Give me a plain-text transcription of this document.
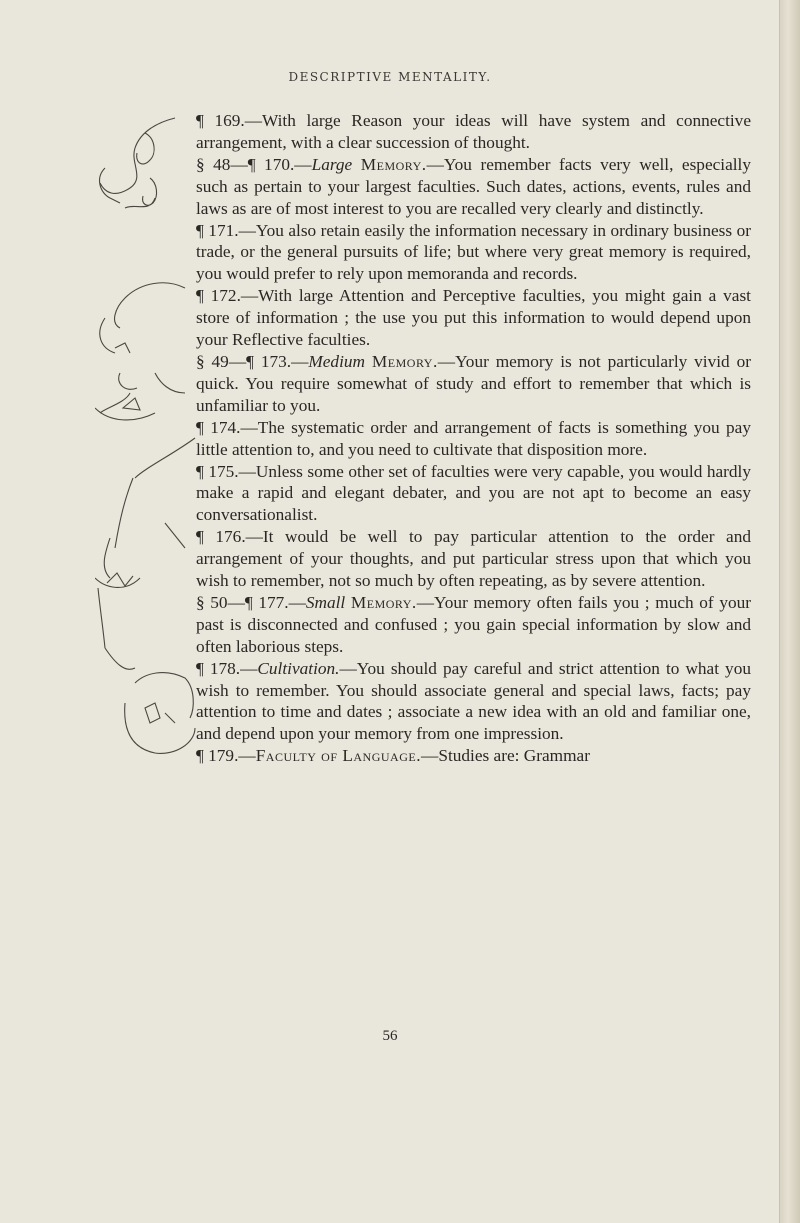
DESCRIPTIVE MENTALITY.

¶ 169.—With large Reason your ideas will have system and connective arrangement, with a clear succession of thought.

§ 48—¶ 170.—Large Memory.—You remember facts very well, especially such as pertain to your largest faculties. Such dates, actions, events, rules and laws as are of most interest to you are recalled very clearly and distinctly.

¶ 171.—You also retain easily the information necessary in ordinary business or trade, or the general pursuits of life; but where very great memory is required, you would prefer to rely upon memoranda and records.

¶ 172.—With large Attention and Perceptive faculties, you might gain a vast store of information ; the use you put this information to would depend upon your Reflective faculties.

§ 49—¶ 173.—Medium Memory.—Your memory is not particularly vivid or quick. You require somewhat of study and effort to remember that which is unfamiliar to you.

¶ 174.—The systematic order and arrangement of facts is something you pay little attention to, and you need to cultivate that disposition more.

¶ 175.—Unless some other set of faculties were very capable, you would hardly make a rapid and elegant debater, and you are not apt to become an easy conversationalist.

¶ 176.—It would be well to pay particular attention to the order and arrangement of your thoughts, and put particular stress upon that which you wish to remember, not so much by often repeating, as by severe attention.

§ 50—¶ 177.—Small Memory.—Your memory often fails you ; much of your past is disconnected and confused ; you gain special information by slow and often laborious steps.

¶ 178.—Cultivation.—You should pay careful and strict attention to what you wish to remember. You should associate general and special laws, facts; pay attention to time and dates ; associate a new idea with an old and familiar one, and depend upon your memory from one impression.

¶ 179.—Faculty of Language.—Studies are: Grammar

56
